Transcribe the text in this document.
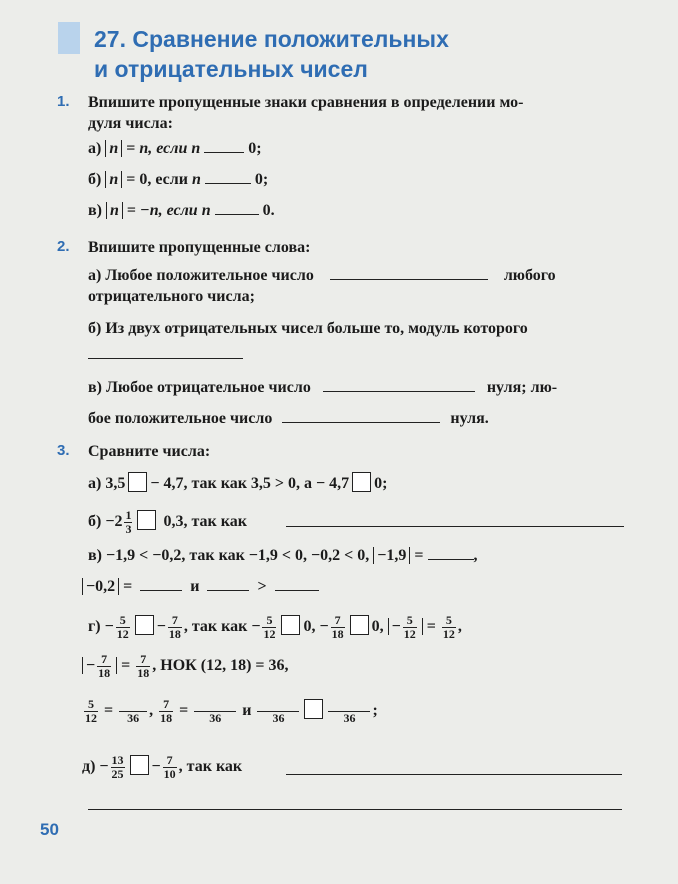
27. Сравнение положительных
и отрицательных чисел
1. Впишите пропущенные знаки сравнения в определении мо-
дуля числа:
а) n = n, если n	0;
б) n = 0, если n	0;
в) n = −n, если n	0.
2. Впишите пропущенные слова:
а) Любое положительное число	любого
отрицательного числа;
б) Из двух отрицательных чисел больше то, модуль которого
в) Любое отрицательное число	нуля; лю-
бое положительное число	нуля.
3. Сравните числа:
а) 3,5 − 4,7, так как 3,5 > 0, а − 4,7 0;
$б) -2 \frac{1}{3} 0,3$, так как
в) −1,9 < −0,2, так как −1,9 < 0, −0,2 < 0, −1,9 =	,
−0,2 =	и	>
$г) - \frac{5}{12} - \frac{7}{18}$ , так как − $\frac{5}{12} 0$, − $\frac{7}{18} 0$, − $\frac{5}{12} = \frac{5}{12}$ ,
− $\frac{7}{18} = \frac{7}{18}$ , НОК (12, 18) = 36,
$\frac{5}{12}$ =	36 , $\frac{7}{18}$ =	36	и	36	36	;
$д) - \frac{13}{25} - \frac{7}{10}$ , так как
50
